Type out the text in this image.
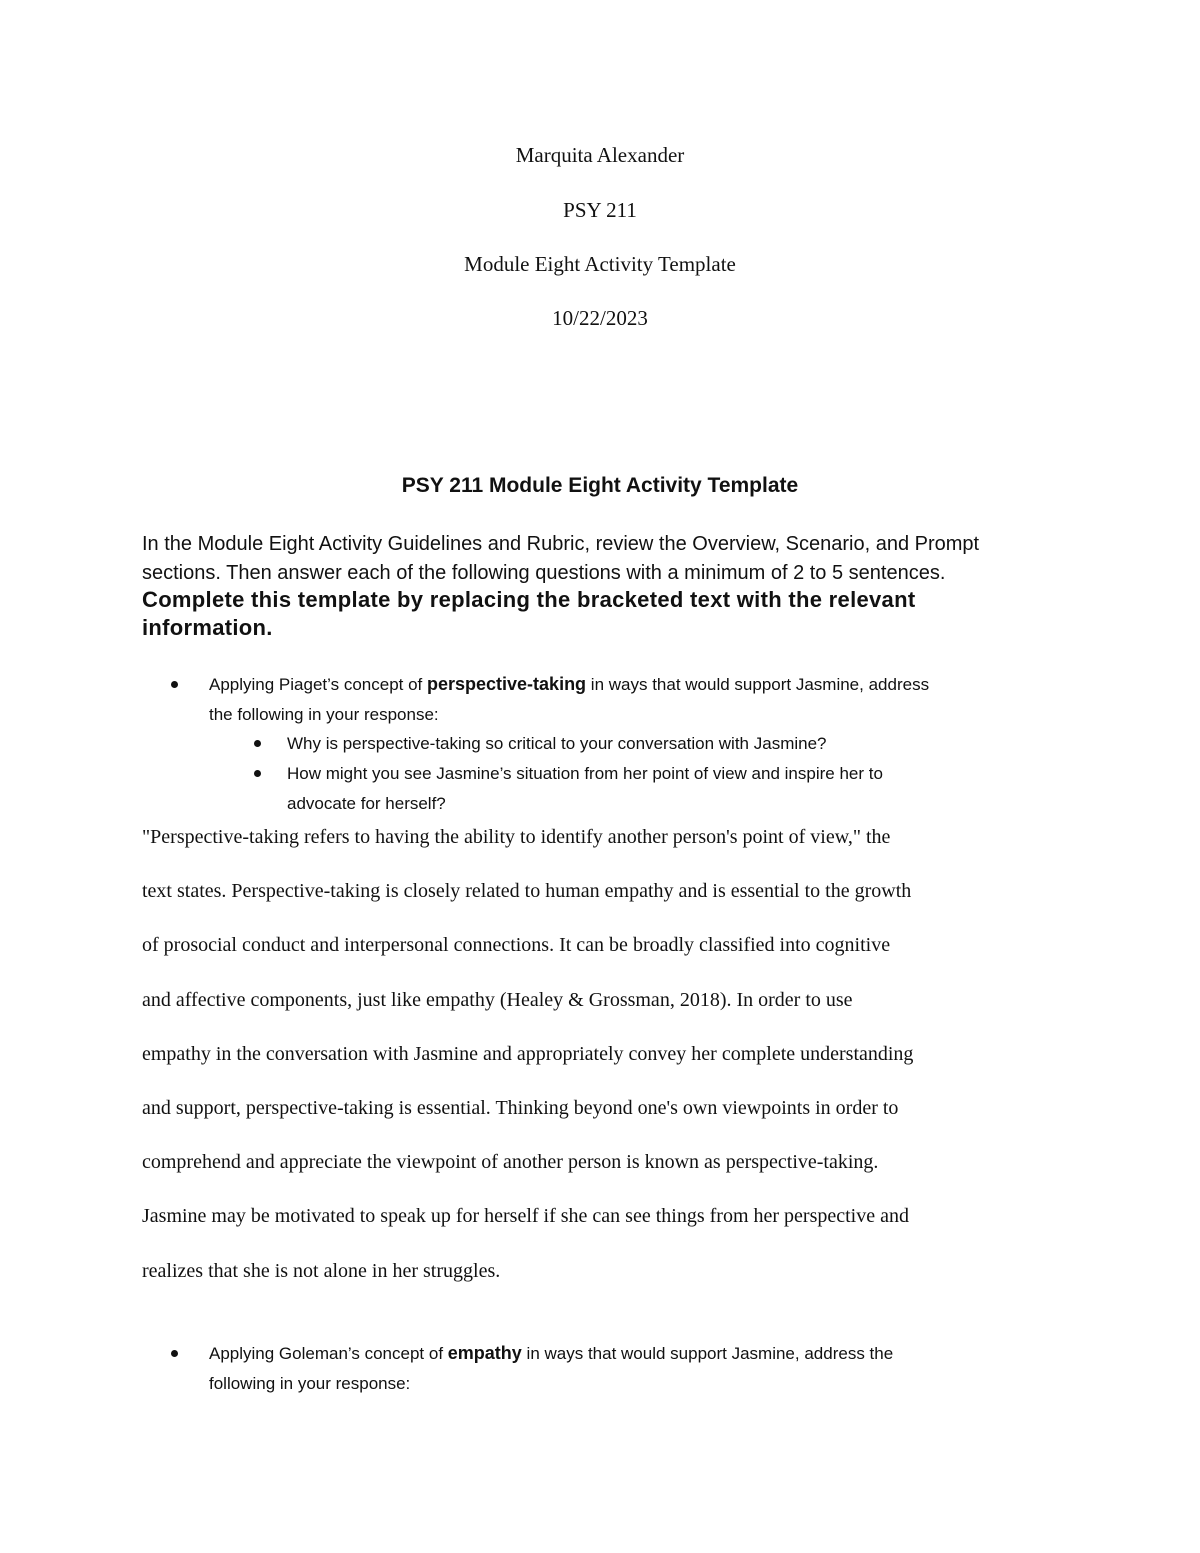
Marquita Alexander
PSY 211
Module Eight Activity Template
10/22/2023
PSY 211 Module Eight Activity Template
In the Module Eight Activity Guidelines and Rubric, review the Overview, Scenario, and Prompt
sections. Then answer each of the following questions with a minimum of 2 to 5 sentences.
Complete this template by replacing the bracketed text with the relevant
information.
Applying Piaget’s concept of perspective-taking in ways that would support Jasmine, address
the following in your response:
Why is perspective-taking so critical to your conversation with Jasmine?
How might you see Jasmine’s situation from her point of view and inspire her to
advocate for herself?
"Perspective-taking refers to having the ability to identify another person's point of view," the
text states. Perspective-taking is closely related to human empathy and is essential to the growth
of prosocial conduct and interpersonal connections. It can be broadly classified into cognitive
and affective components, just like empathy (Healey & Grossman, 2018). In order to use
empathy in the conversation with Jasmine and appropriately convey her complete understanding
and support, perspective-taking is essential. Thinking beyond one's own viewpoints in order to
comprehend and appreciate the viewpoint of another person is known as perspective-taking.
Jasmine may be motivated to speak up for herself if she can see things from her perspective and
realizes that she is not alone in her struggles.
Applying Goleman’s concept of empathy in ways that would support Jasmine, address the
following in your response:
